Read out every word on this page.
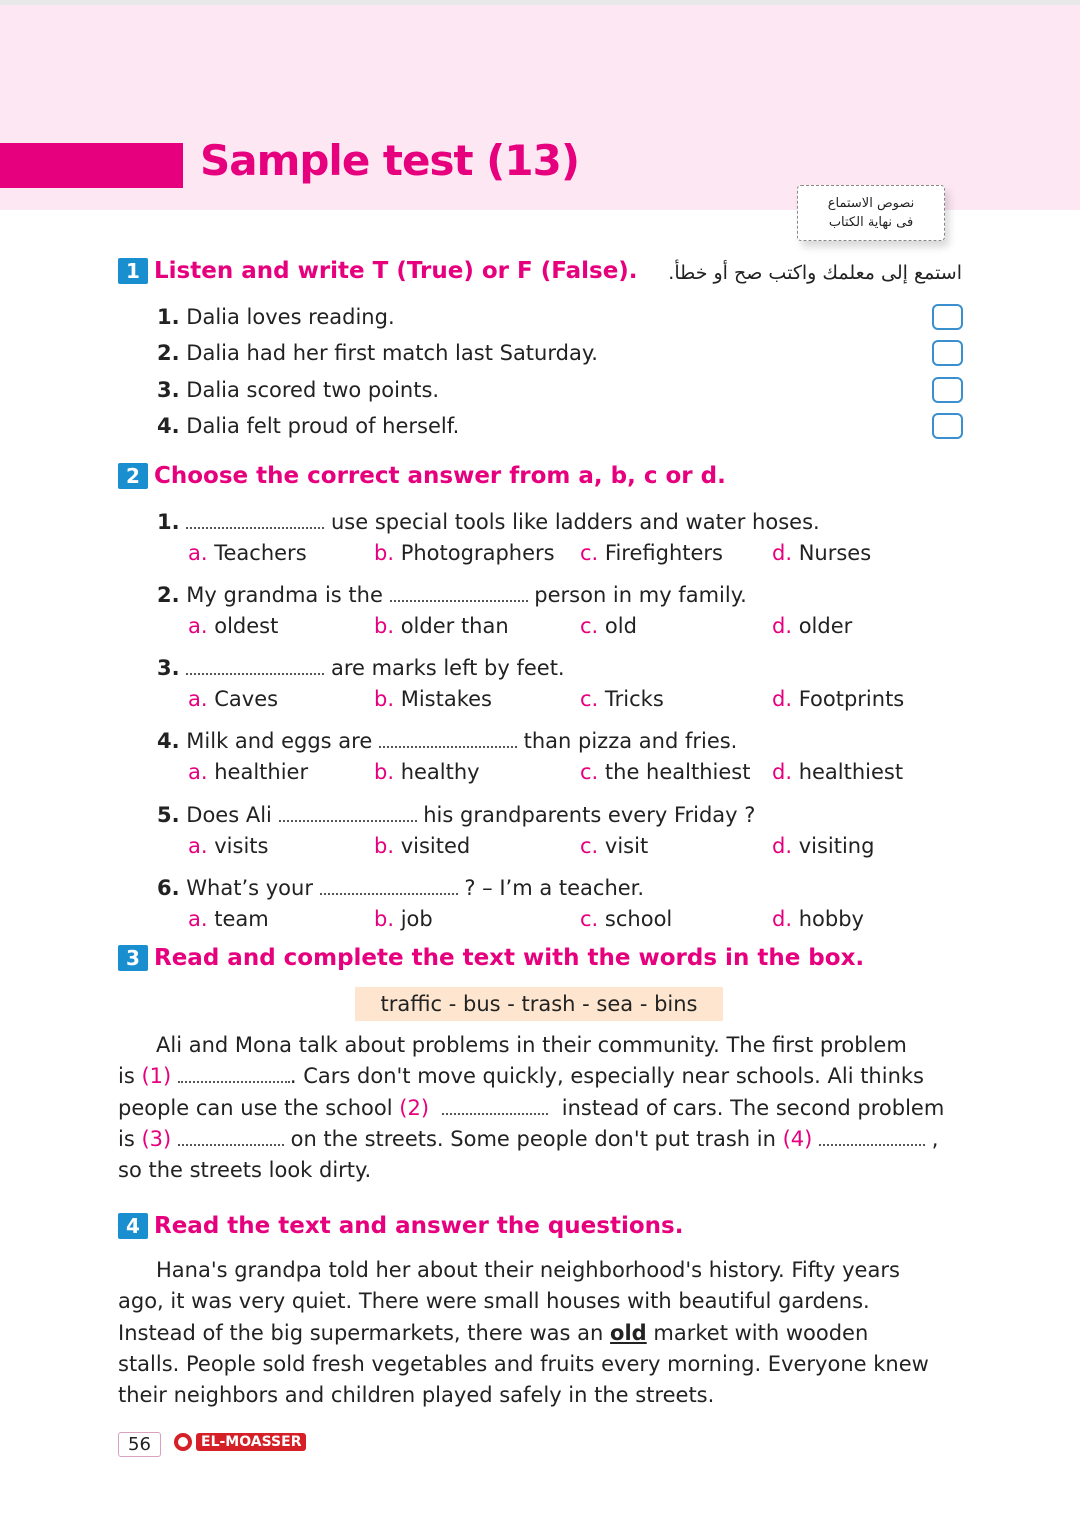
Sample test (13)
نصوص الاستماع
فى نهاية الكتاب
1 Listen and write T (True) or F (False). استمع إلى معلمك واكتب صح أو خطأ.
1. Dalia loves reading.
2. Dalia had her first match last Saturday.
3. Dalia scored two points.
4. Dalia felt proud of herself.
2 Choose the correct answer from a, b, c or d.
1.	use special tools like ladders and water hoses.
a. Teachers	b. Photographers c. Firefighters d. Nurses
2. My grandma is the	person in my family.
a. oldest	b. older than	c. old	d. older
3.	are marks left by feet.
a. Caves	b. Mistakes	c. Tricks	d. Footprints
4. Milk and eggs are	than pizza and fries.
a. healthier	b. healthy	c. the healthiest d. healthiest
5. Does Ali	his grandparents every Friday ?
a. visits	b. visited	c. visit	d. visiting
6. What’s your	? – I’m a teacher.
a. team	b. job	c. school	d. hobby
3 Read and complete the text with the words in the box.
traffic - bus - trash - sea - bins
Ali and Mona talk about problems in their community. The first problem
is (1)	. Cars don't move quickly, especially near schools. Ali thinks
people can use the school (2)	instead of cars. The second problem
is (3)	on the streets. Some people don't put trash in (4)	,
so the streets look dirty.
4 Read the text and answer the questions.
Hana's grandpa told her about their neighborhood's history. Fifty years
ago, it was very quiet. There were small houses with beautiful gardens.
Instead of the big supermarkets, there was an old market with wooden
stalls. People sold fresh vegetables and fruits every morning. Everyone knew
their neighbors and children played safely in the streets.
56	EL-MOASSER
